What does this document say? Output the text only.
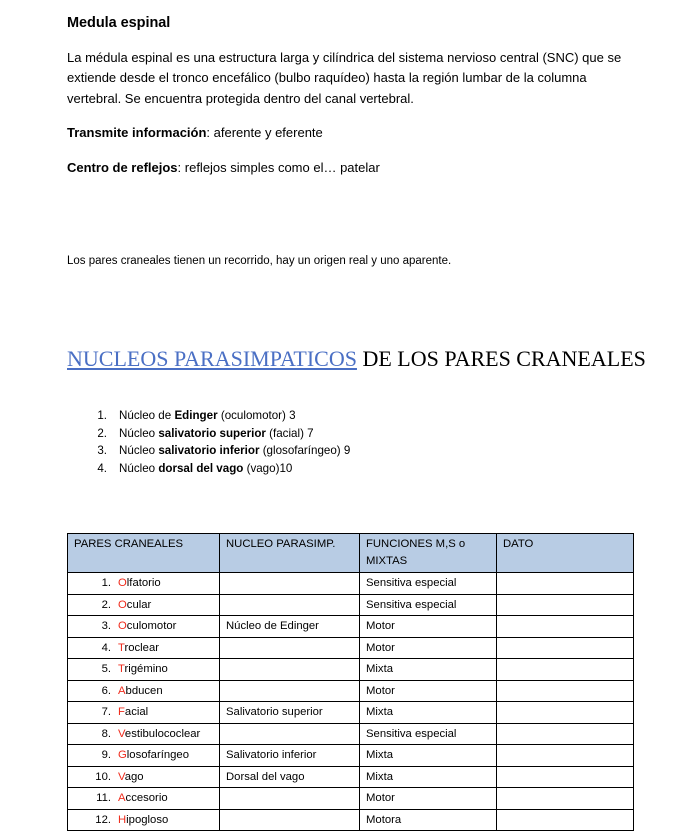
Medula espinal

La médula espinal es una estructura larga y cilíndrica del sistema nervioso central (SNC) que se extiende desde el tronco encefálico (bulbo raquídeo) hasta la región lumbar de la columna vertebral. Se encuentra protegida dentro del canal vertebral.

Transmite información: aferente y eferente

Centro de reflejos: reflejos simples como el… patelar

Los pares craneales tienen un recorrido, hay un origen real y uno aparente.

NUCLEOS PARASIMPATICOS DE LOS PARES CRANEALES
1. Núcleo de Edinger (oculomotor) 3
2. Núcleo salivatorio superior (facial) 7
3. Núcleo salivatorio inferior (glosofaríngeo) 9
4. Núcleo dorsal del vago (vago)10
PARES CRANEALES	NUCLEO PARASIMP.	FUNCIONES M,S o
MIXTAS	DATO
1. Olfatorio		Sensitiva especial	
2. Ocular		Sensitiva especial	
3. Oculomotor	Núcleo de Edinger	Motor	
4. Troclear		Motor	
5. Trigémino		Mixta	
6. Abducen		Motor	
7. Facial	Salivatorio superior	Mixta	
8. Vestibulococlear		Sensitiva especial	
9. Glosofaríngeo	Salivatorio inferior	Mixta	
10. Vago	Dorsal del vago	Mixta	
11. Accesorio		Motor	
12. Hipogloso		Motora	
